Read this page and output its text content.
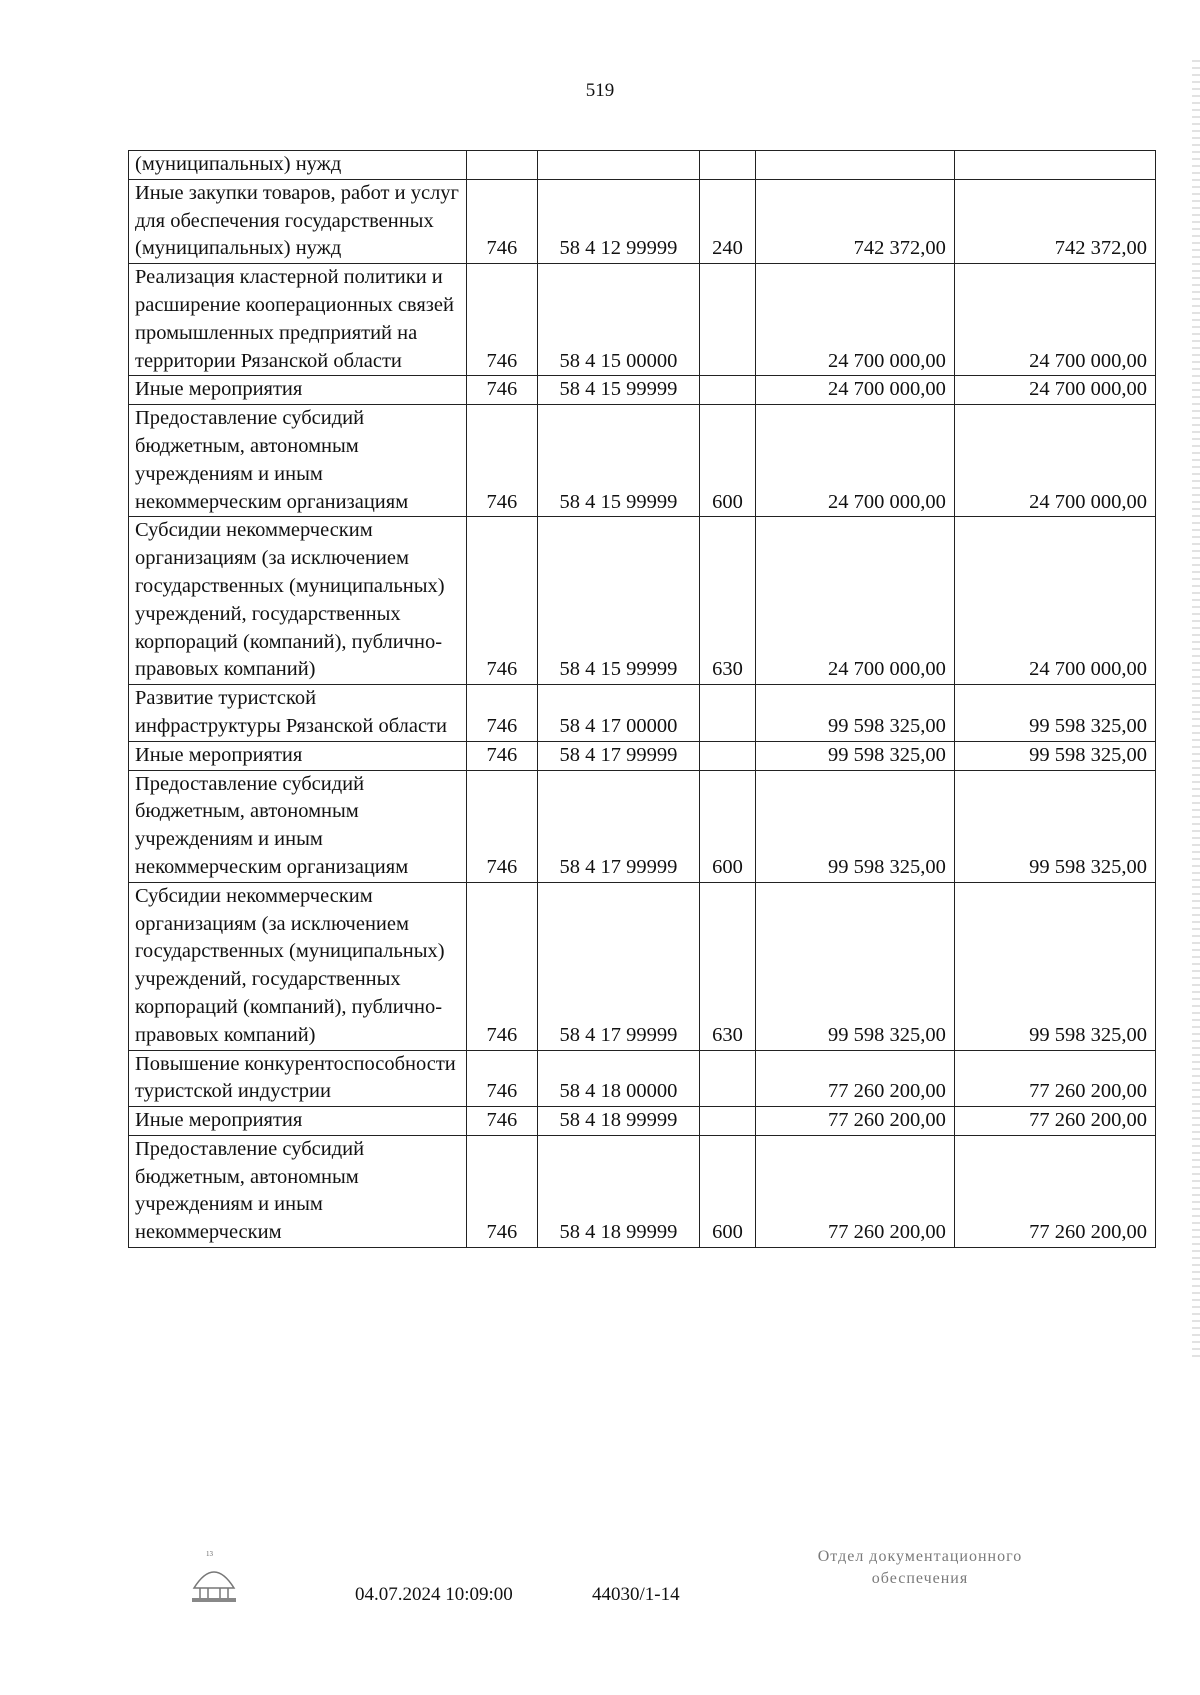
519
(муниципальных) нужд					
Иные закупки товаров, работ и услуг для обеспечения государственных (муниципальных) нужд	746	58 4 12 99999	240	742 372,00	742 372,00
Реализация кластерной политики и расширение кооперационных связей промышленных предприятий на территории Рязанской области	746	58 4 15 00000		24 700 000,00	24 700 000,00
Иные мероприятия	746	58 4 15 99999		24 700 000,00	24 700 000,00
Предоставление субсидий бюджетным, автономным учреждениям и иным некоммерческим организациям	746	58 4 15 99999	600	24 700 000,00	24 700 000,00
Субсидии некоммерческим организациям (за исключением государственных (муниципальных) учреждений, государственных корпораций (компаний), публично-правовых компаний)	746	58 4 15 99999	630	24 700 000,00	24 700 000,00
Развитие туристской инфраструктуры Рязанской области	746	58 4 17 00000		99 598 325,00	99 598 325,00
Иные мероприятия	746	58 4 17 99999		99 598 325,00	99 598 325,00
Предоставление субсидий бюджетным, автономным учреждениям и иным некоммерческим организациям	746	58 4 17 99999	600	99 598 325,00	99 598 325,00
Субсидии некоммерческим организациям (за исключением государственных (муниципальных) учреждений, государственных корпораций (компаний), публично-правовых компаний)	746	58 4 17 99999	630	99 598 325,00	99 598 325,00
Повышение конкурентоспособности туристской индустрии	746	58 4 18 00000		77 260 200,00	77 260 200,00
Иные мероприятия	746	58 4 18 99999		77 260 200,00	77 260 200,00
Предоставление субсидий бюджетным, автономным учреждениям и иным некоммерческим	746	58 4 18 99999	600	77 260 200,00	77 260 200,00
13
04.07.2024 10:09:00	44030/1-14
Отдел документационного
обеспечения
